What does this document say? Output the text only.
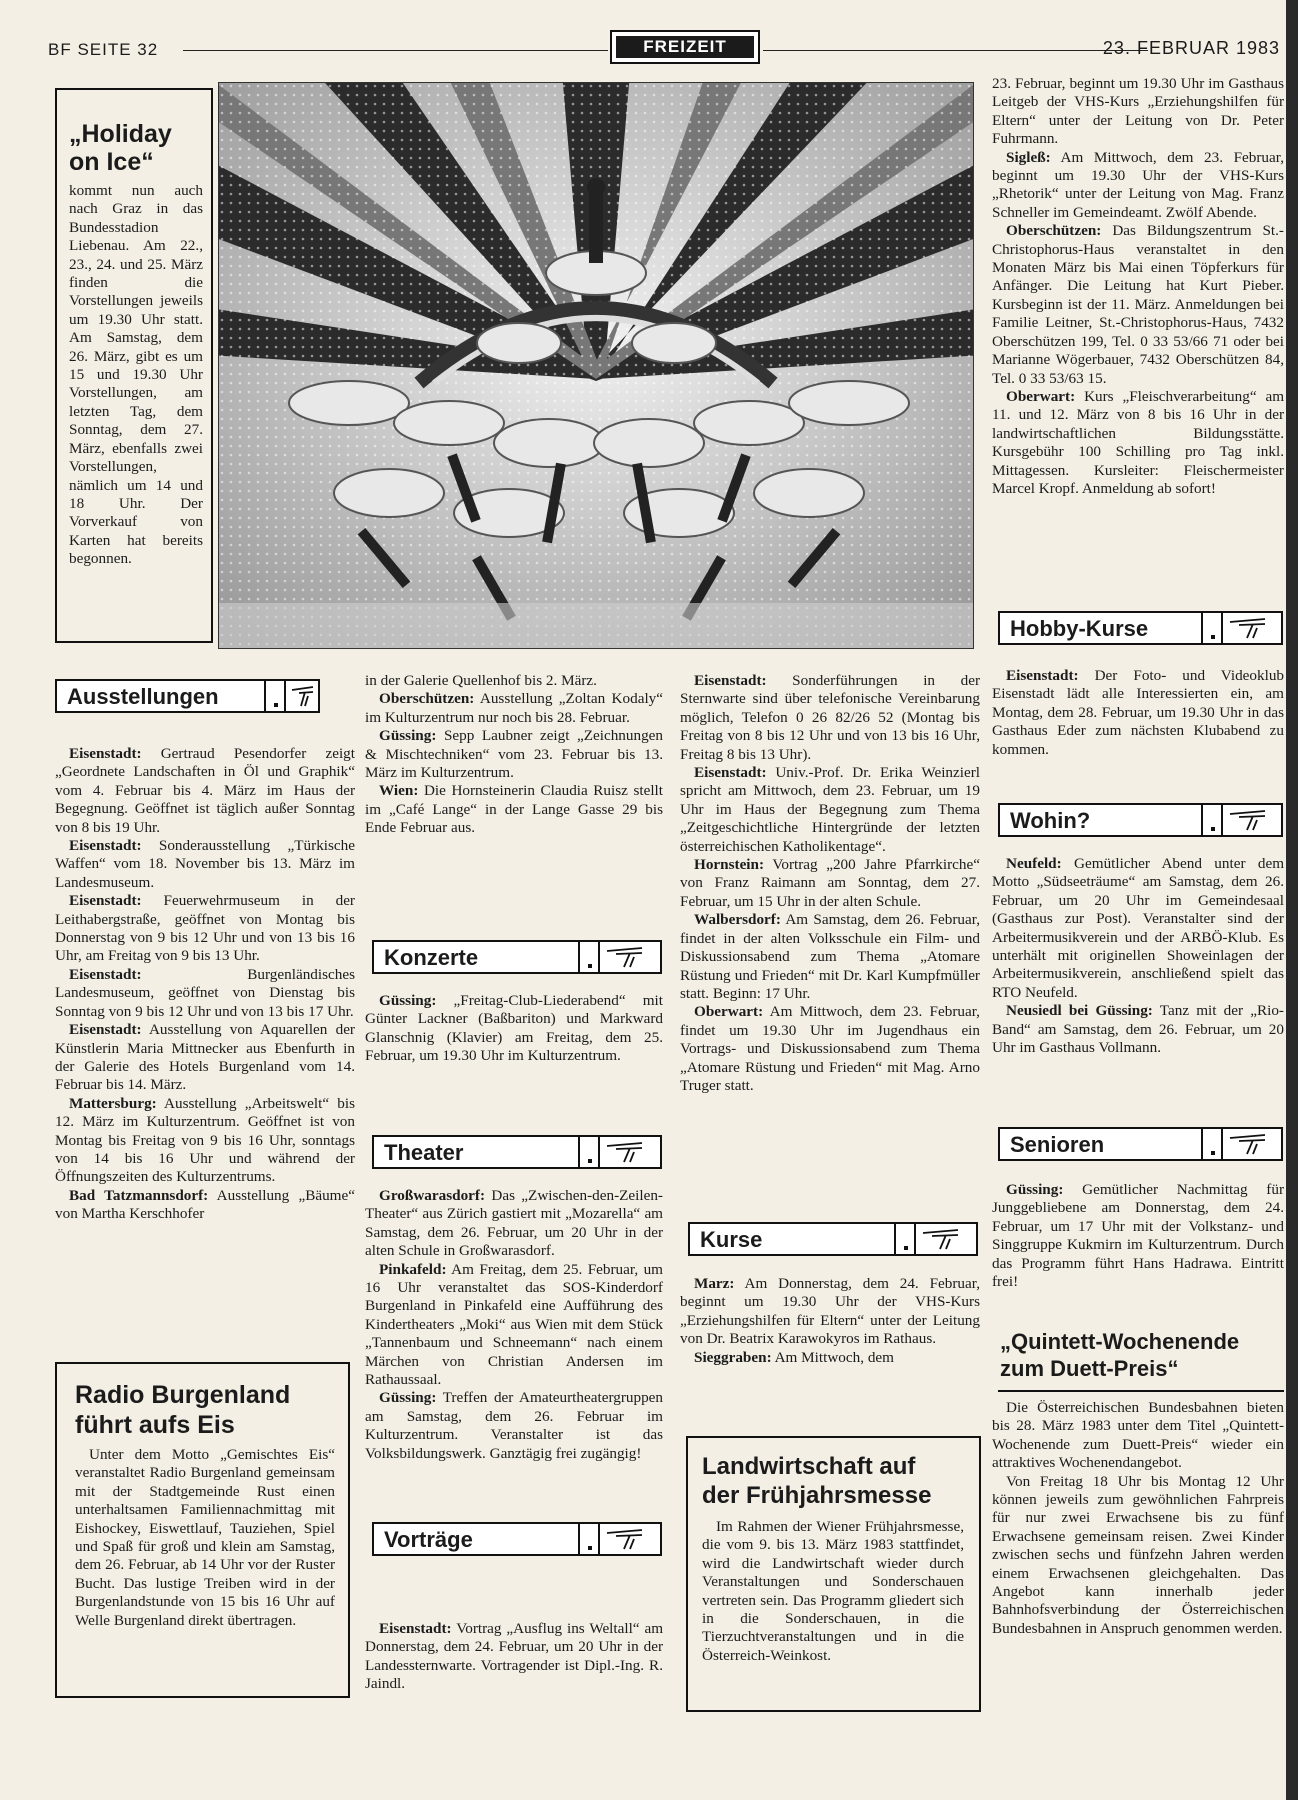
BF SEITE 32	FREIZEIT	23. FEBRUAR 1983
„Holiday
on Ice“

kommt nun auch nach Graz in das Bundesstadion Liebenau. Am 22., 23., 24. und 25. März finden die Vorstellungen jeweils um 19.30 Uhr statt. Am Samstag, dem 26. März, gibt es um 15 und 19.30 Uhr Vorstellungen, am letzten Tag, dem Sonntag, dem 27. März, ebenfalls zwei Vorstellungen, nämlich um 14 und 18 Uhr. Der Vorverkauf von Karten hat bereits begonnen.

Ausstellungen

Eisenstadt: Gertraud Pesendorfer zeigt „Geordnete Landschaften in Öl und Graphik“ vom 4. Februar bis 4. März im Haus der Begegnung. Geöffnet ist täglich außer Sonntag von 8 bis 19 Uhr.

Eisenstadt: Sonderausstellung „Türkische Waffen“ vom 18. November bis 13. März im Landesmuseum.

Eisenstadt: Feuerwehrmuseum in der Leithabergstraße, geöffnet von Montag bis Donnerstag von 9 bis 12 Uhr und von 13 bis 16 Uhr, am Freitag von 9 bis 13 Uhr.

Eisenstadt:	Burgenländisches Landesmuseum, geöffnet von Dienstag bis Sonntag von 9 bis 12 Uhr und von 13 bis 17 Uhr.

Eisenstadt: Ausstellung von Aquarellen der Künstlerin Maria Mittnecker aus Ebenfurth in der Galerie des Hotels Burgenland vom 14. Februar bis 14. März.

Mattersburg: Ausstellung „Arbeitswelt“ bis 12. März im Kulturzentrum. Geöffnet ist von Montag bis Freitag von 9 bis 16 Uhr, sonntags von 14 bis 16 Uhr und während der Öffnungszeiten des Kulturzentrums.

Bad Tatzmannsdorf: Ausstellung „Bäume“ von Martha Kerschhofer

Radio Burgenland
führt aufs Eis

Unter dem Motto „Gemischtes Eis“ veranstaltet Radio Burgenland gemeinsam mit der Stadtgemeinde Rust einen unterhaltsamen Familiennachmittag mit Eishockey, Eiswettlauf, Tauziehen, Spiel und Spaß für groß und klein am Samstag, dem 26. Februar, ab 14 Uhr vor der Ruster Bucht. Das lustige Treiben wird in der Burgenlandstunde von 15 bis 16 Uhr auf Welle Burgenland direkt übertragen.

in der Galerie Quellenhof bis 2. März.

Oberschützen: Ausstellung „Zoltan Kodaly“ im Kulturzentrum nur noch bis 28. Februar.

Güssing: Sepp Laubner zeigt „Zeichnungen & Mischtechniken“ vom 23. Februar bis 13. März im Kulturzentrum.

Wien: Die Hornsteinerin Claudia Ruisz stellt im „Café Lange“ in der Lange Gasse 29 bis Ende Februar aus.

Konzerte

Güssing: „Freitag-Club-Liederabend“ mit Günter Lackner (Baßbariton) und Markward Glanschnig (Klavier) am Freitag, dem 25. Februar, um 19.30 Uhr im Kulturzentrum.

Theater

Großwarasdorf: Das „Zwischen-den-Zeilen-Theater“ aus Zürich gastiert mit „Mozarella“ am Samstag, dem 26. Februar, um 20 Uhr in der alten Schule in Großwarasdorf.

Pinkafeld: Am Freitag, dem 25. Februar, um 16 Uhr veranstaltet das SOS-Kinderdorf Burgenland in Pinkafeld eine Aufführung des Kindertheaters „Moki“ aus Wien mit dem Stück „Tannenbaum und Schneemann“ nach einem Märchen von Christian Andersen im Rathaussaal.

Güssing: Treffen der Amateurtheatergruppen am Samstag, dem 26. Februar im Kulturzentrum. Veranstalter ist das Volksbildungswerk. Ganztägig frei zugängig!

Vorträge

Eisenstadt: Vortrag „Ausflug ins Weltall“ am Donnerstag, dem 24. Februar, um 20 Uhr in der Landessternwarte. Vortragender ist Dipl.-Ing. R. Jaindl.

Eisenstadt: Sonderführungen in der Sternwarte sind über telefonische Vereinbarung möglich, Telefon 0 26 82/26 52 (Montag bis Freitag von 8 bis 12 Uhr und von 13 bis 16 Uhr, Freitag 8 bis 13 Uhr).

Eisenstadt: Univ.-Prof. Dr. Erika Weinzierl spricht am Mittwoch, dem 23. Februar, um 19 Uhr im Haus der Begegnung zum Thema „Zeitgeschichtliche Hintergründe der letzten österreichischen Katholikentage“.

Hornstein: Vortrag „200 Jahre Pfarrkirche“ von Franz Raimann am Sonntag, dem 27. Februar, um 15 Uhr in der alten Schule.

Walbersdorf: Am Samstag, dem 26. Februar, findet in der alten Volksschule ein Film- und Diskussionsabend zum Thema „Atomare Rüstung und Frieden“ mit Dr. Karl Kumpfmüller statt. Beginn: 17 Uhr.

Oberwart: Am Mittwoch, dem 23. Februar, findet um 19.30 Uhr im Jugendhaus ein Vortrags- und Diskussionsabend zum Thema „Atomare Rüstung und Frieden“ mit Mag. Arno Truger statt.

Kurse

Marz: Am Donnerstag, dem 24. Februar, beginnt um 19.30 Uhr der VHS-Kurs „Erziehungshilfen für Eltern“ unter der Leitung von Dr. Beatrix Karawokyros im Rathaus.

Sieggraben: Am Mittwoch, dem

Landwirtschaft auf
der Frühjahrsmesse

Im Rahmen der Wiener Frühjahrsmesse, die vom 9. bis 13. März 1983 stattfindet, wird die Landwirtschaft wieder durch Veranstaltungen und Sonderschauen vertreten sein. Das Programm gliedert sich in die Sonderschauen, in die Tierzuchtveranstaltungen und in die Österreich-Weinkost.

23. Februar, beginnt um 19.30 Uhr im Gasthaus Leitgeb der VHS-Kurs „Erziehungshilfen für Eltern“ unter der Leitung von Dr. Peter Fuhrmann.

Sigleß: Am Mittwoch, dem 23. Februar, beginnt um 19.30 Uhr der VHS-Kurs „Rhetorik“ unter der Leitung von Mag. Franz Schneller im Gemeindeamt. Zwölf Abende.

Oberschützen: Das Bildungszentrum St.-Christophorus-Haus veranstaltet in den Monaten März bis Mai einen Töpferkurs für Anfänger. Die Leitung hat Kurt Pieber. Kursbeginn ist der 11. März. Anmeldungen bei Familie Leitner, St.-Christophorus-Haus, 7432 Oberschützen 199, Tel. 0 33 53/66 71 oder bei Marianne Wögerbauer, 7432 Oberschützen 84, Tel. 0 33 53/63 15.

Oberwart: Kurs „Fleischverarbeitung“ am 11. und 12. März von 8 bis 16 Uhr in der landwirtschaftlichen Bildungsstätte. Kursgebühr 100 Schilling pro Tag inkl. Mittagessen. Kursleiter: Fleischermeister Marcel Kropf. Anmeldung ab sofort!

Hobby-Kurse

Eisenstadt: Der Foto- und Videoklub Eisenstadt lädt alle Interessierten ein, am Montag, dem 28. Februar, um 19.30 Uhr in das Gasthaus Eder zum nächsten Klubabend zu kommen.

Wohin?

Neufeld: Gemütlicher Abend unter dem Motto „Südseeträume“ am Samstag, dem 26. Februar, um 20 Uhr im Gemeindesaal (Gasthaus zur Post). Veranstalter sind der Arbeitermusikverein und der ARBÖ-Klub. Es unterhält mit originellen Showeinlagen der Arbeitermusikverein, anschließend spielt das RTO Neufeld.

Neusiedl bei Güssing: Tanz mit der „Rio-Band“ am Samstag, dem 26. Februar, um 20 Uhr im Gasthaus Vollmann.

Senioren

Güssing: Gemütlicher Nachmittag für Junggebliebene am Donnerstag, dem 24. Februar, um 17 Uhr mit der Volkstanz- und Singgruppe Kukmirn im Kulturzentrum. Durch das Programm führt Hans Hadrawa. Eintritt frei!

„Quintett-Wochenende
zum Duett-Preis“

Die Österreichischen Bundesbahnen bieten bis 28. März 1983 unter dem Titel „Quintett-Wochenende zum Duett-Preis“ wieder ein attraktives Wochenendangebot.

Von Freitag 18 Uhr bis Montag 12 Uhr können jeweils zum gewöhnlichen Fahrpreis für nur zwei Erwachsene bis zu fünf Erwachsene gemeinsam reisen. Zwei Kinder zwischen sechs und fünfzehn Jahren werden einem Erwachsenen gleichgehalten. Das Angebot kann innerhalb jeder Bahnhofsverbindung der Österreichischen Bundesbahnen in Anspruch genommen werden.
